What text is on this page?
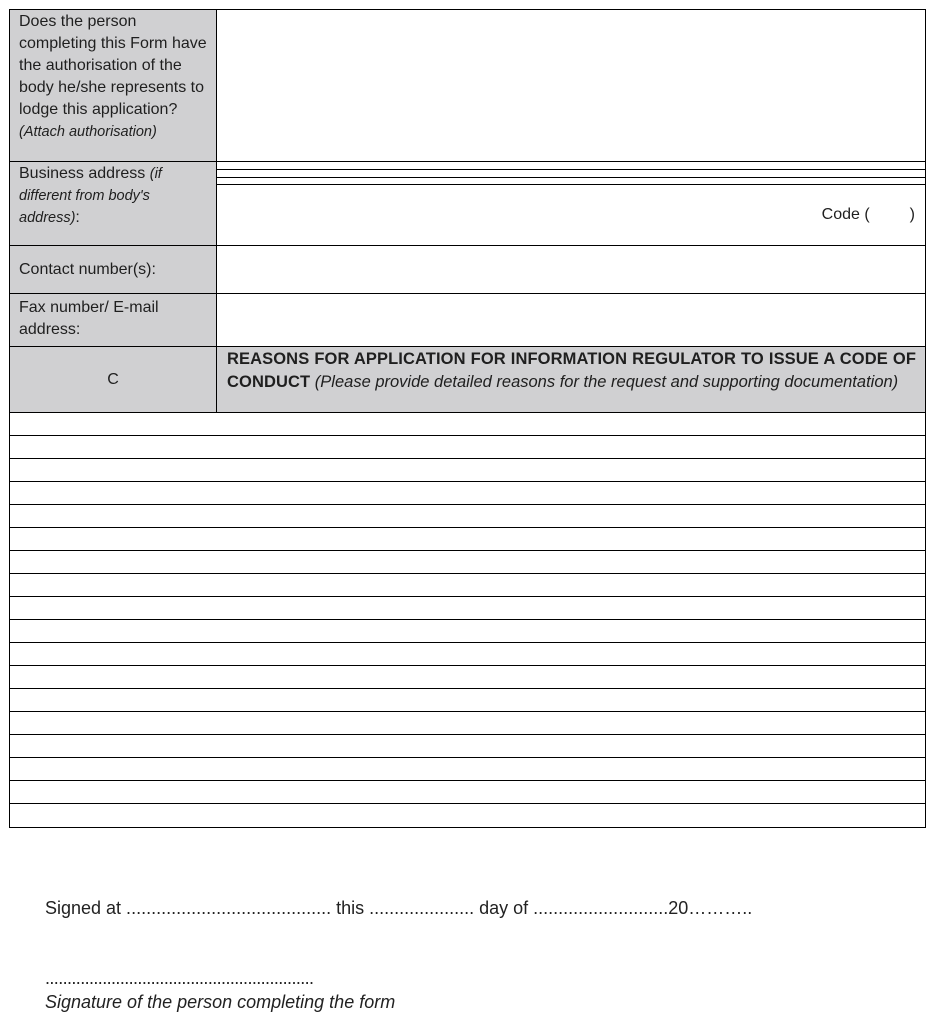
Does the person completing this Form have the authorisation of the body he/she represents to lodge this application? (Attach authorisation)
Business address (if different from body's address):	Code (         )

Contact number(s):
Fax number/ E-mail address:
C
REASONS FOR APPLICATION FOR INFORMATION REGULATOR TO ISSUE A CODE OF CONDUCT (Please provide detailed reasons for the request and supporting documentation)
Signed at ......................................... this ..................... day of ...........................20………..
.............................................................
Signature of the person completing the form
